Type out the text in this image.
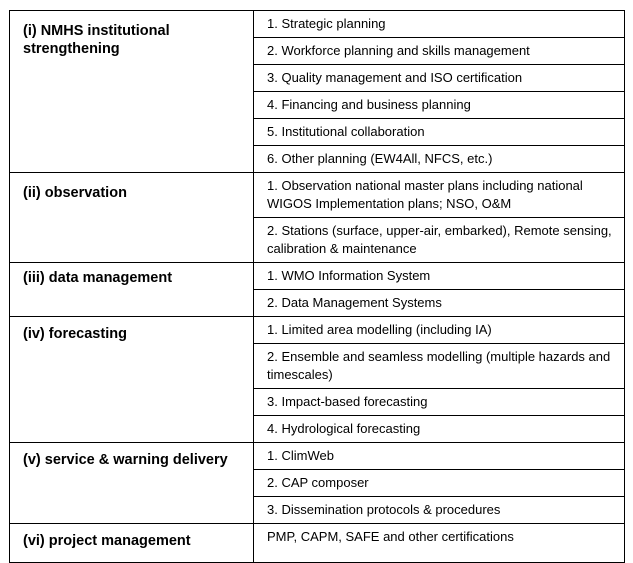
(i) NMHS institutional strengthening	1. Strategic planning
	2. Workforce planning and skills management
	3. Quality management and ISO certification
	4. Financing and business planning
	5. Institutional collaboration
	6. Other planning (EW4All, NFCS, etc.)
(ii) observation	1. Observation national master plans including national WIGOS Implementation plans; NSO, O&M
	2. Stations (surface, upper-air, embarked), Remote sensing, calibration & maintenance
(iii) data management	1. WMO Information System
	2. Data Management Systems
(iv) forecasting	1. Limited area modelling (including IA)
	2. Ensemble and seamless modelling (multiple hazards and timescales)
	3. Impact-based forecasting
	4. Hydrological forecasting
(v) service & warning delivery	1. ClimWeb
	2. CAP composer
	3. Dissemination protocols & procedures
(vi) project management	PMP, CAPM, SAFE and other certifications
